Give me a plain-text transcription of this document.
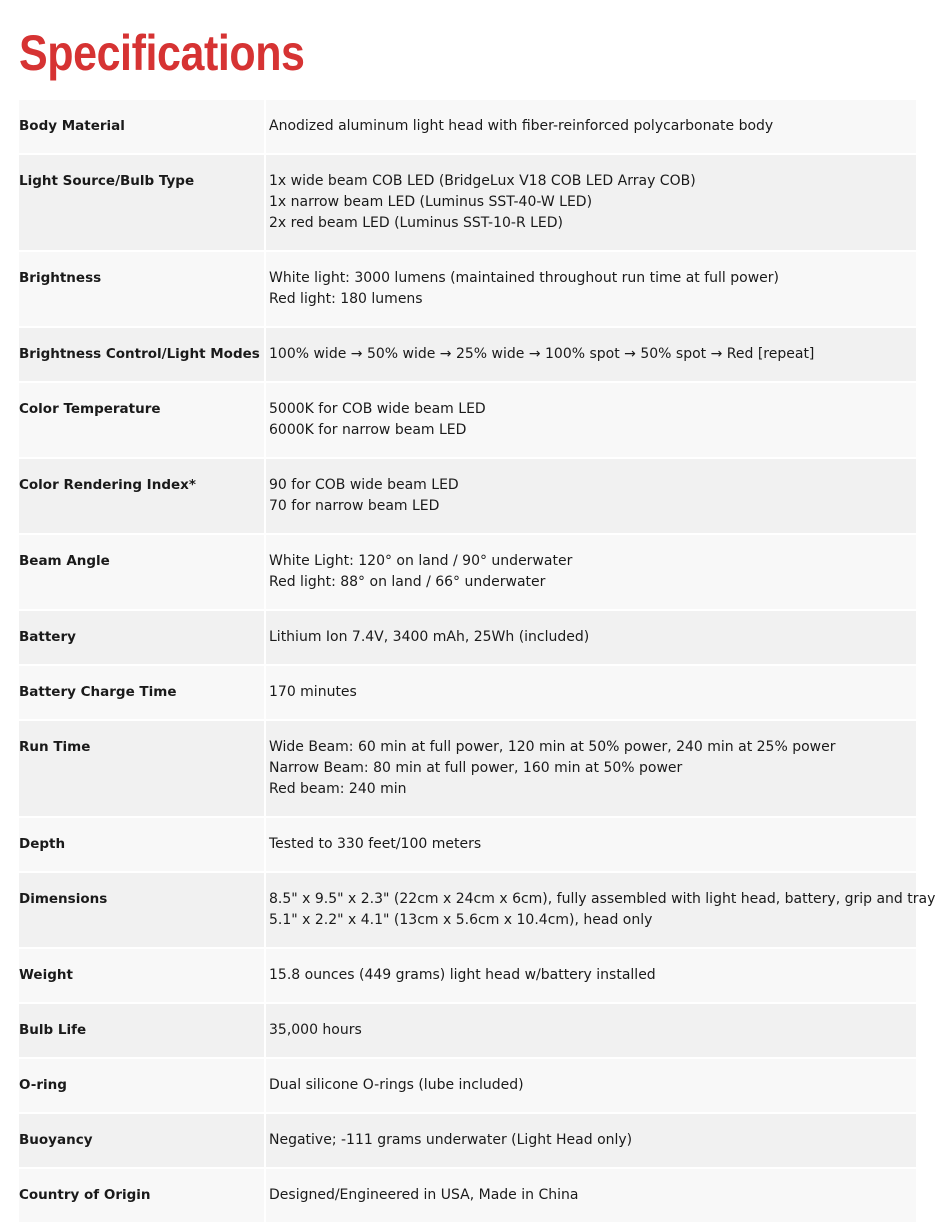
Specifications
Body Material	Anodized aluminum light head with fiber-reinforced polycarbonate body

Light Source/Bulb Type	1x wide beam COB LED (BridgeLux V18 COB LED Array COB)
1x narrow beam LED (Luminus SST-40-W LED)
2x red beam LED (Luminus SST-10-R LED)

Brightness	White light: 3000 lumens (maintained throughout run time at full power)
Red light: 180 lumens

Brightness Control/Light Modes	100% wide → 50% wide → 25% wide → 100% spot → 50% spot → Red [repeat]

Color Temperature	5000K for COB wide beam LED
6000K for narrow beam LED

Color Rendering Index*	90 for COB wide beam LED
70 for narrow beam LED

Beam Angle	White Light: 120° on land / 90° underwater
Red light: 88° on land / 66° underwater

Battery	Lithium Ion 7.4V, 3400 mAh, 25Wh (included)

Battery Charge Time	170 minutes

Run Time	Wide Beam: 60 min at full power, 120 min at 50% power, 240 min at 25% power
Narrow Beam: 80 min at full power, 160 min at 50% power
Red beam: 240 min

Depth	Tested to 330 feet/100 meters

Dimensions	8.5" x 9.5" x 2.3" (22cm x 24cm x 6cm), fully assembled with light head, battery, grip and tray
5.1" x 2.2" x 4.1" (13cm x 5.6cm x 10.4cm), head only

Weight	15.8 ounces (449 grams) light head w/battery installed

Bulb Life	35,000 hours

O-ring	Dual silicone O-rings (lube included)

Buoyancy	Negative; -111 grams underwater (Light Head only)

Country of Origin	Designed/Engineered in USA, Made in China
